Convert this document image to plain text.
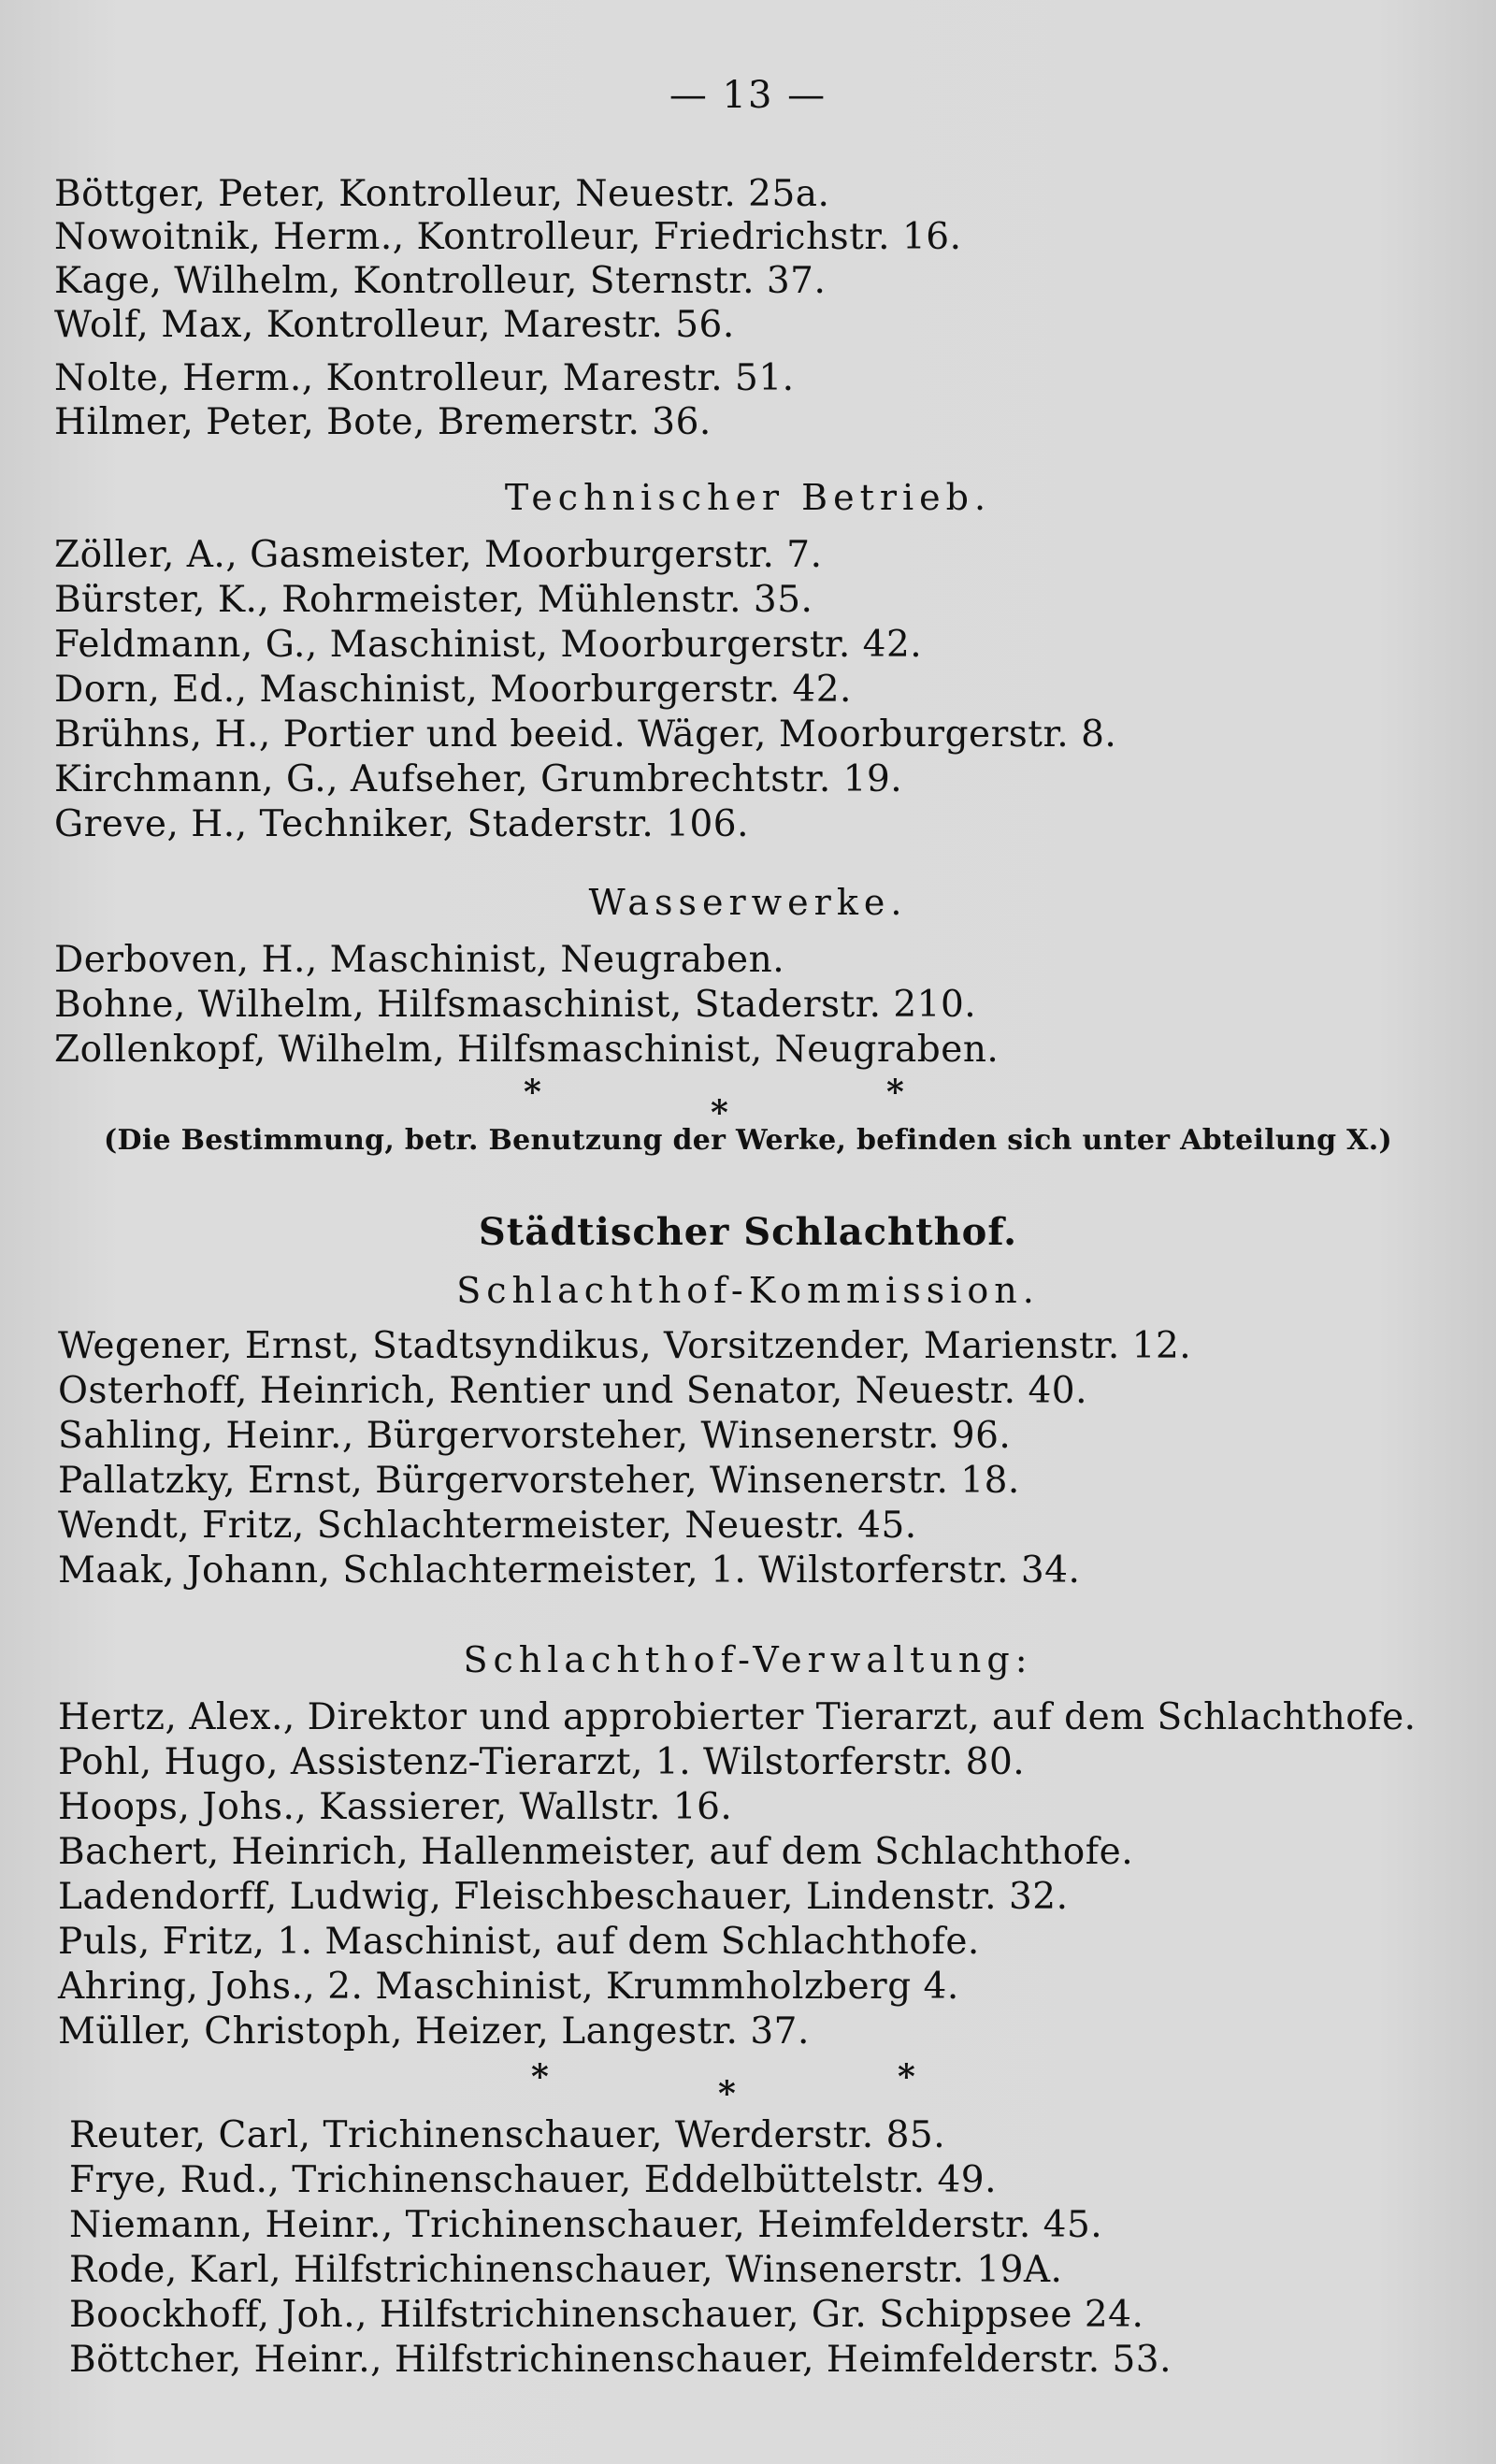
— 13 —
Böttger, Peter, Kontrolleur, Neuestr. 25a.
Nowoitnik, Herm., Kontrolleur, Friedrichstr. 16.
Kage, Wilhelm, Kontrolleur, Sternstr. 37.
Wolf, Max, Kontrolleur, Marestr. 56.
Nolte, Herm., Kontrolleur, Marestr. 51.
Hilmer, Peter, Bote, Bremerstr. 36.
Technischer Betrieb.
Zöller, A., Gasmeister, Moorburgerstr. 7.
Bürster, K., Rohrmeister, Mühlenstr. 35.
Feldmann, G., Maschinist, Moorburgerstr. 42.
Dorn, Ed., Maschinist, Moorburgerstr. 42.
Brühns, H., Portier und beeid. Wäger, Moorburgerstr. 8.
Kirchmann, G., Aufseher, Grumbrechtstr. 19.
Greve, H., Techniker, Staderstr. 106.
Wasserwerke.
Derboven, H., Maschinist, Neugraben.
Bohne, Wilhelm, Hilfsmaschinist, Staderstr. 210.
Zollenkopf, Wilhelm, Hilfsmaschinist, Neugraben.
*
*
*
(Die Bestimmung, betr. Benutzung der Werke, befinden sich unter Abteilung X.)
Städtischer Schlachthof.
Schlachthof-Kommission.
Wegener, Ernst, Stadtsyndikus, Vorsitzender, Marienstr. 12.
Osterhoff, Heinrich, Rentier und Senator, Neuestr. 40.
Sahling, Heinr., Bürgervorsteher, Winsenerstr. 96.
Pallatzky, Ernst, Bürgervorsteher, Winsenerstr. 18.
Wendt, Fritz, Schlachtermeister, Neuestr. 45.
Maak, Johann, Schlachtermeister, 1. Wilstorferstr. 34.
Schlachthof-Verwaltung:
Hertz, Alex., Direktor und approbierter Tierarzt, auf dem Schlachthofe.
Pohl, Hugo, Assistenz-Tierarzt, 1. Wilstorferstr. 80.
Hoops, Johs., Kassierer, Wallstr. 16.
Bachert, Heinrich, Hallenmeister, auf dem Schlachthofe.
Ladendorff, Ludwig, Fleischbeschauer, Lindenstr. 32.
Puls, Fritz, 1. Maschinist, auf dem Schlachthofe.
Ahring, Johs., 2. Maschinist, Krummholzberg 4.
Müller, Christoph, Heizer, Langestr. 37.
*	*	*
Reuter, Carl, Trichinenschauer, Werderstr. 85.
Frye, Rud., Trichinenschauer, Eddelbüttelstr. 49.
Niemann, Heinr., Trichinenschauer, Heimfelderstr. 45.
Rode, Karl, Hilfstrichinenschauer, Winsenerstr. 19A.
Boockhoff, Joh., Hilfstrichinenschauer, Gr. Schippsee 24.
Böttcher, Heinr., Hilfstrichinenschauer, Heimfelderstr. 53.
